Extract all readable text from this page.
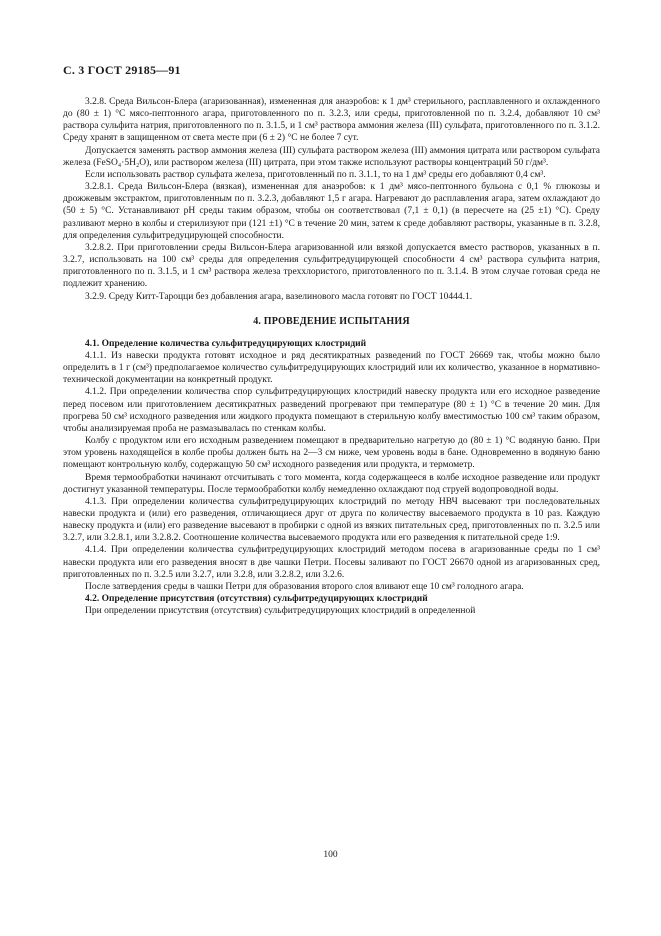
С. 3 ГОСТ 29185—91

3.2.8. Среда Вильсон-Блера (агаризованная), измененная для анаэробов: к 1 дм³ стерильного, расплавленного и охлажденного до (80 ± 1) °С мясо-пептонного агара, приготовленного по п. 3.2.3, или среды, приготовленной по п. 3.2.4, добавляют 10 см³ раствора сульфита натрия, приготовленного по п. 3.1.5, и 1 см³ раствора аммония железа (III) сульфата, приготовленного по п. 3.1.2. Среду хранят в защищенном от света месте при (6 ± 2) °С не более 7 сут.

Допускается заменять раствор аммония железа (III) сульфата раствором железа (III) аммония цитрата или раствором сульфата железа (FeSO₄·5H₂O), или раствором железа (III) цитрата, при этом также используют растворы концентраций 50 г/дм³.

Если использовать раствор сульфата железа, приготовленный по п. 3.1.1, то на 1 дм³ среды его добавляют 0,4 см³.

3.2.8.1. Среда Вильсон-Блера (вязкая), измененная для анаэробов: к 1 дм³ мясо-пептонного бульона с 0,1 % глюкозы и дрожжевым экстрактом, приготовленным по п. 3.2.3, добавляют 1,5 г агара. Нагревают до расплавления агара, затем охлаждают до (50 ± 5) °С. Устанавливают pH среды таким образом, чтобы он соответствовал (7,1 ± 0,1) (в пересчете на (25 ±1) °С). Среду разливают мерно в колбы и стерилизуют при (121 ±1) °С в течение 20 мин, затем к среде добавляют растворы, указанные в п. 3.2.8, для определения сульфитредуцирующей способности.

3.2.8.2. При приготовлении среды Вильсон-Блера агаризованной или вязкой допускается вместо растворов, указанных в п. 3.2.7, использовать на 100 см³ среды для определения сульфитредуцирующей способности 4 см³ раствора сульфита натрия, приготовленного по п. 3.1.5, и 1 см³ раствора железа треххлористого, приготовленного по п. 3.1.4. В этом случае готовая среда не подлежит хранению.

3.2.9. Среду Китт-Тароцци без добавления агара, вазелинового масла готовят по ГОСТ 10444.1.

4. ПРОВЕДЕНИЕ ИСПЫТАНИЯ
4.1. Определение количества сульфитредуцирующих клостридий

4.1.1. Из навески продукта готовят исходное и ряд десятикратных разведений по ГОСТ 26669 так, чтобы можно было определить в 1 г (см³) предполагаемое количество сульфитредуцирующих клостридий или их количество, указанное в нормативно-технической документации на конкретный продукт.

4.1.2. При определении количества спор сульфитредуцирующих клостридий навеску продукта или его исходное разведение перед посевом или приготовлением десятикратных разведений прогревают при температуре (80 ± 1) °С в течение 20 мин. Для прогрева 50 см³ исходного разведения или жидкого продукта помещают в стерильную колбу вместимостью 100 см³ таким образом, чтобы анализируемая проба не размазывалась по стенкам колбы.

Колбу с продуктом или его исходным разведением помещают в предварительно нагретую до (80 ± 1) °С водяную баню. При этом уровень находящейся в колбе пробы должен быть на 2—3 см ниже, чем уровень воды в бане. Одновременно в водяную баню помещают контрольную колбу, содержащую 50 см³ исходного разведения или продукта, и термометр.

Время термообработки начинают отсчитывать с того момента, когда содержащееся в колбе исходное разведение или продукт достигнут указанной температуры. После термообработки колбу немедленно охлаждают под струей водопроводной воды.

4.1.3. При определении количества сульфитредуцирующих клостридий по методу НВЧ высевают три последовательных навески продукта и (или) его разведения, отличающиеся друг от друга по количеству высеваемого продукта в 10 раз. Каждую навеску продукта и (или) его разведение высевают в пробирки с одной из вязких питательных сред, приготовленных по п. 3.2.5 или 3.2.7, или 3.2.8.1, или 3.2.8.2. Соотношение количества высеваемого продукта или его разведения к питательной среде 1:9.

4.1.4. При определении количества сульфитредуцирующих клостридий методом посева в агаризованные среды по 1 см³ навески продукта или его разведения вносят в две чашки Петри. Посевы заливают по ГОСТ 26670 одной из агаризованных сред, приготовленных по п. 3.2.5 или 3.2.7, или 3.2.8, или 3.2.8.2, или 3.2.6.

После затвердения среды в чашки Петри для образования второго слоя вливают еще 10 см³ голодного агара.

4.2. Определение присутствия (отсутствия) сульфитредуцирующих клостридий

При определении присутствия (отсутствия) сульфитредуцирующих клостридий в определенной

100
